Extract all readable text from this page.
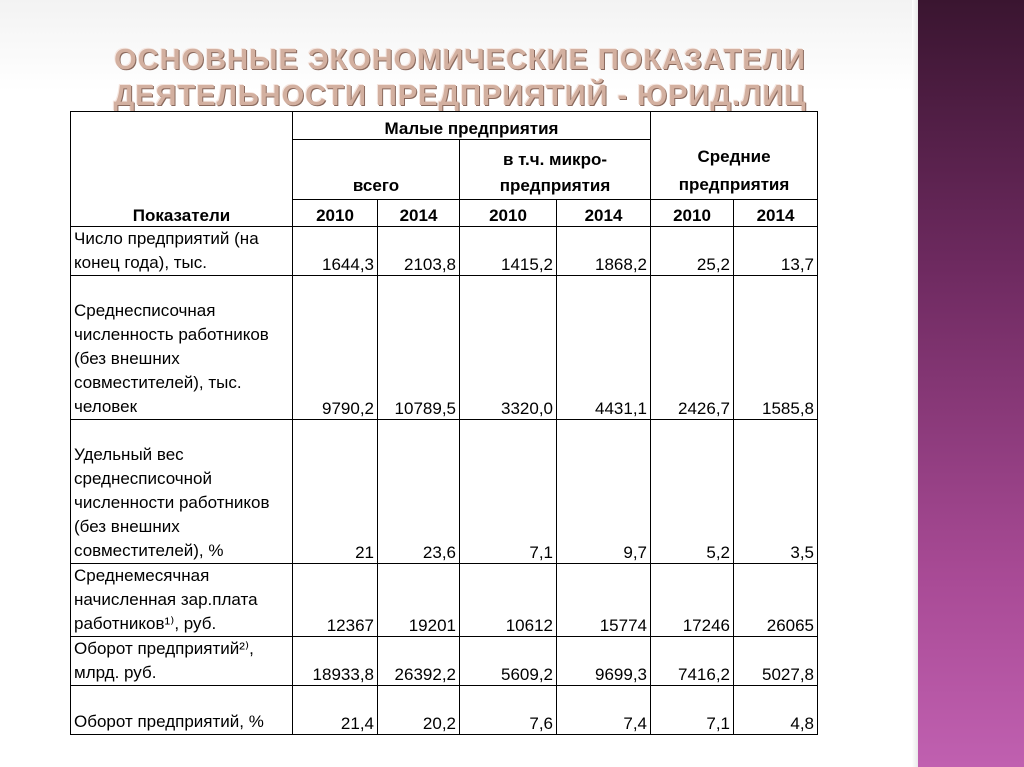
ОСНОВНЫЕ ЭКОНОМИЧЕСКИЕ ПОКАЗАТЕЛИ ДЕЯТЕЛЬНОСТИ ПРЕДПРИЯТИЙ - ЮРИД.ЛИЦ
Показатели	Малые предприятия				Средние предприятия	
	всего		в т.ч. микро-предприятия			
	2010	2014	2010	2014	2010	2014
Число предприятий (на конец года), тыс.	1644,3	2103,8	1415,2	1868,2	25,2	13,7
Среднесписочная численность работников (без внешних совместителей), тыс. человек	9790,2	10789,5	3320,0	4431,1	2426,7	1585,8
Удельный вес среднесписочной численности работников (без внешних совместителей), %	21	23,6	7,1	9,7	5,2	3,5
Среднемесячная начисленная зар.плата работников¹⁾, руб.	12367	19201	10612	15774	17246	26065
Оборот предприятий²⁾, млрд. руб.	18933,8	26392,2	5609,2	9699,3	7416,2	5027,8
Оборот предприятий, %	21,4	20,2	7,6	7,4	7,1	4,8
